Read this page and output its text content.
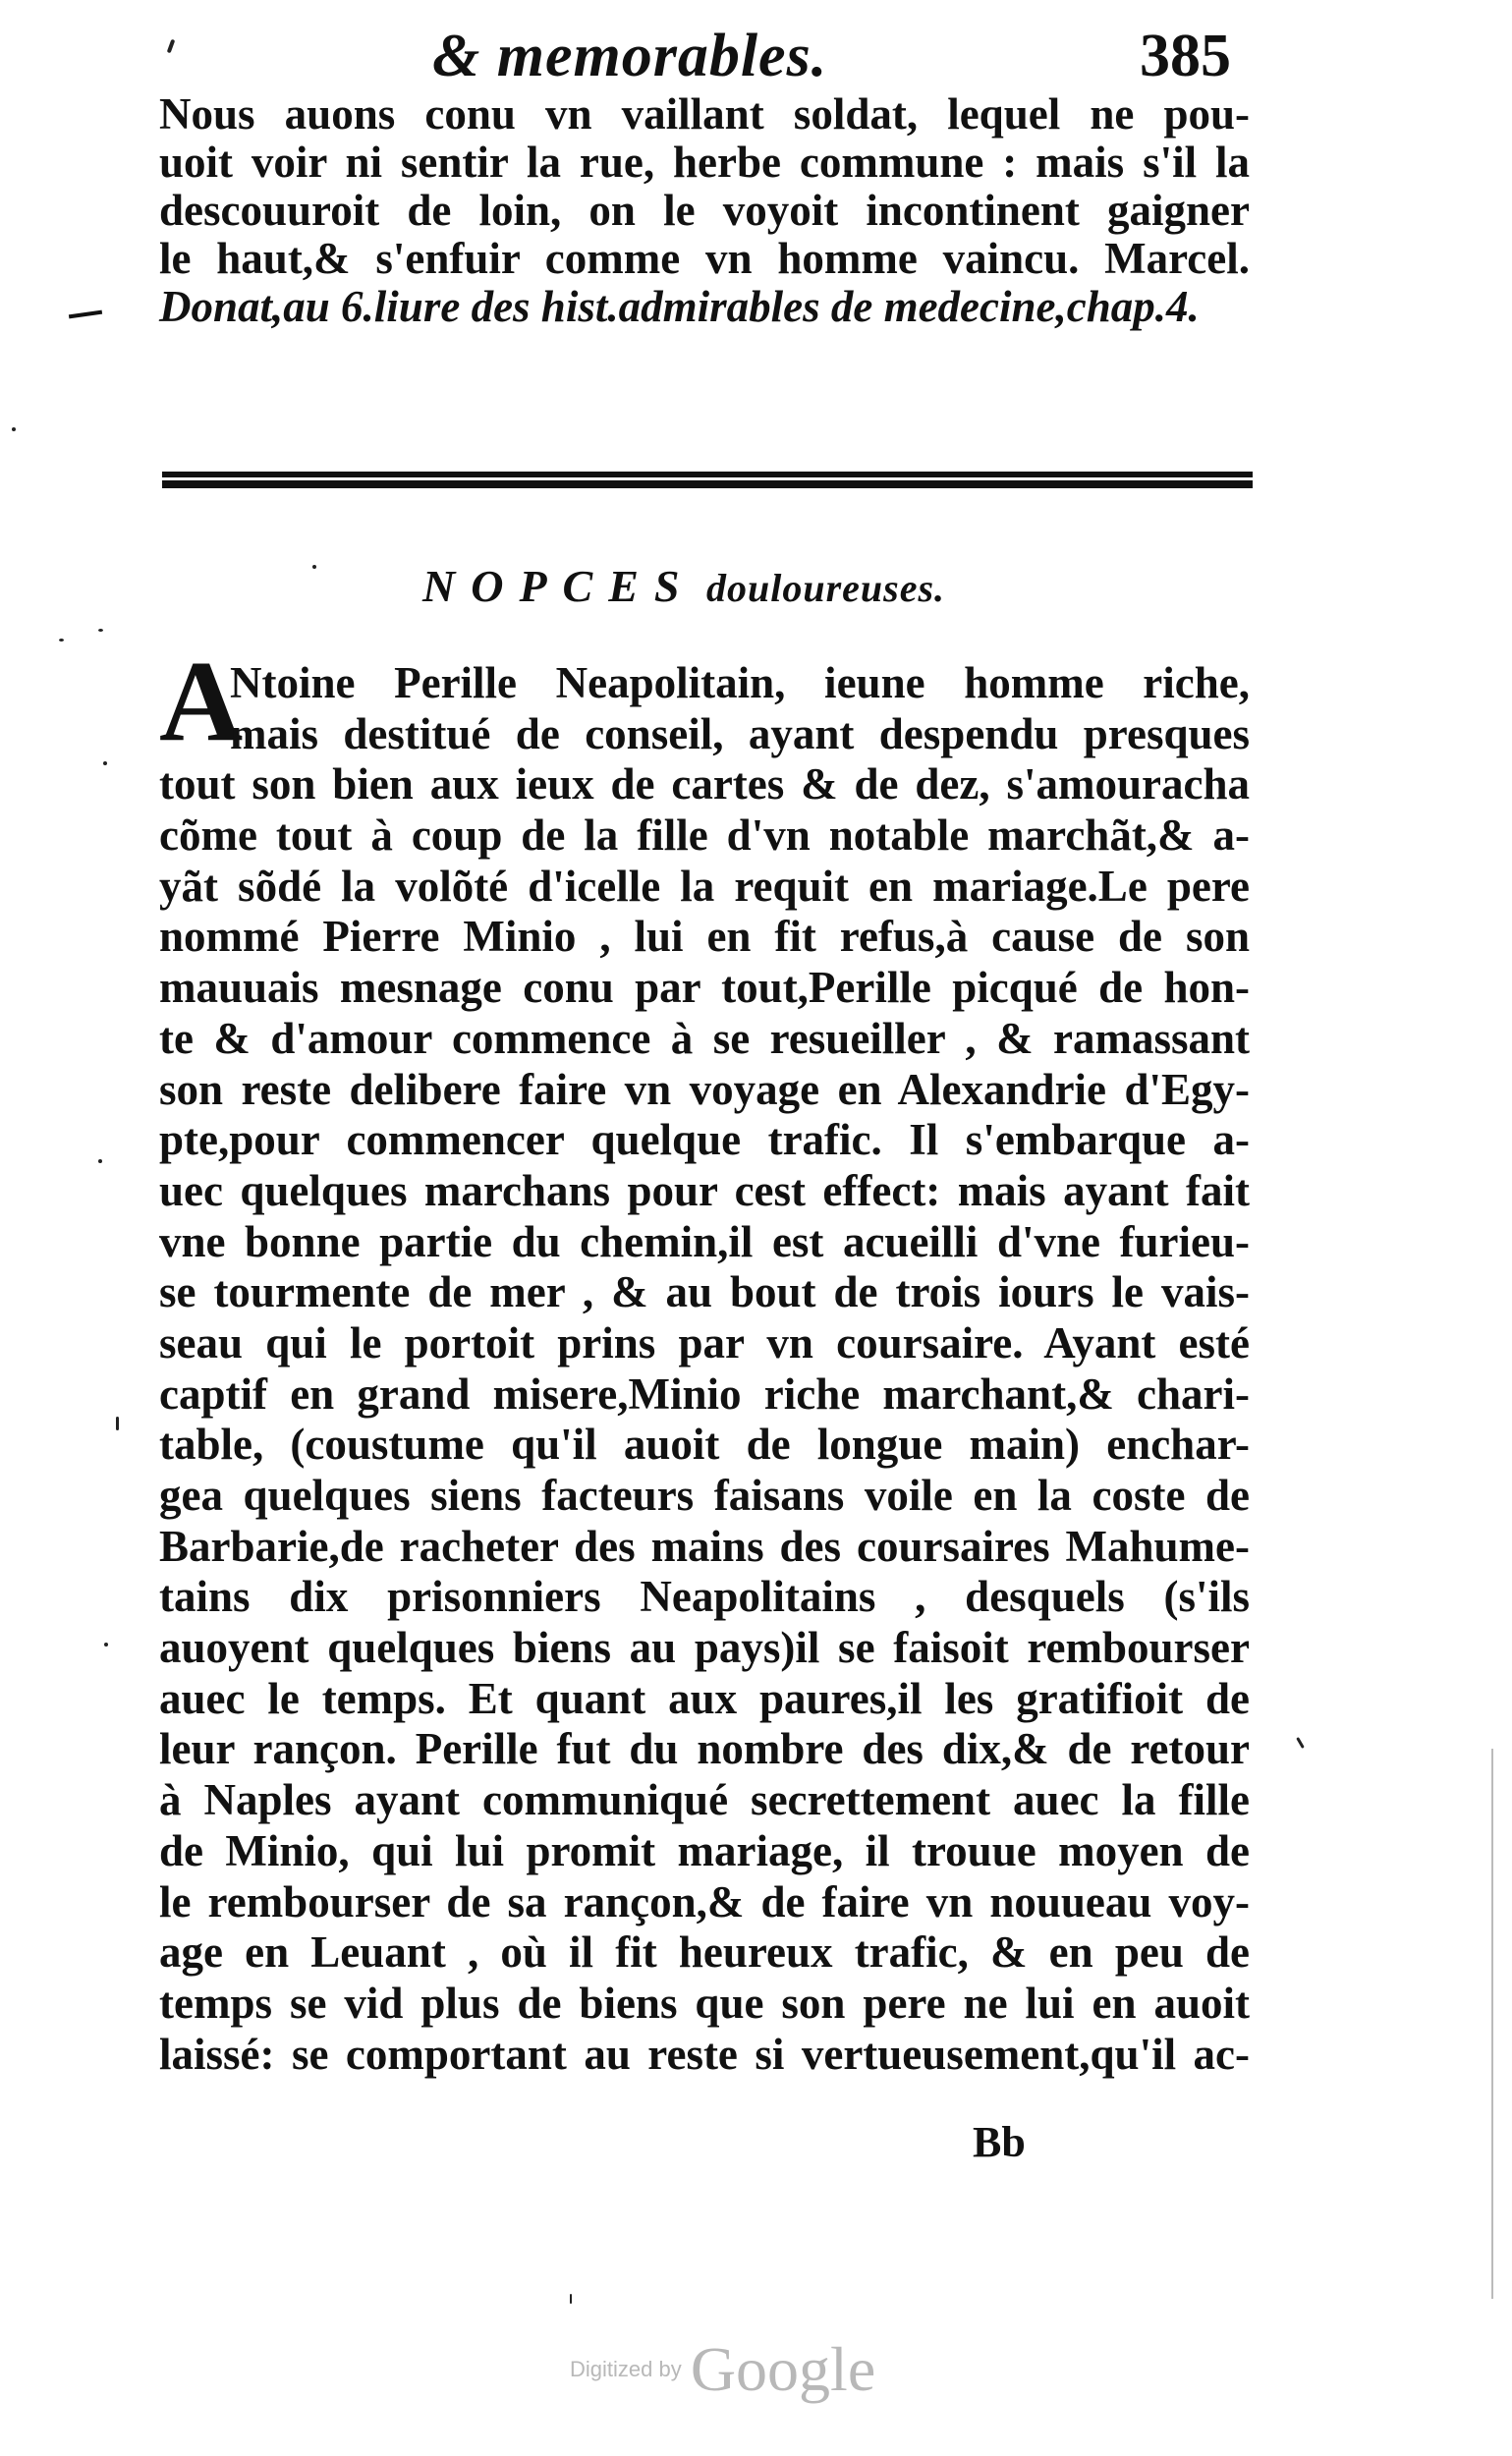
& memorables.	385
Nous auons conu vn vaillant soldat, lequel ne pou-
uoit voir ni sentir la rue, herbe commune : mais s'il la
descouuroit de loin, on le voyoit incontinent gaigner
le haut,& s'enfuir comme vn homme vaincu. Marcel.
Donat,au 6.liure des hist.admirables de medecine,chap.4.
NOPCES douloureuses.
A
Ntoine Perille Neapolitain, ieune homme riche,
mais destitué de conseil, ayant despendu presques
tout son bien aux ieux de cartes & de dez, s'amouracha
cõme tout à coup de la fille d'vn notable marchãt,& a-
yãt sõdé la volõté d'icelle la requit en mariage.Le pere
nommé Pierre Minio , lui en fit refus,à cause de son
mauuais mesnage conu par tout,Perille picqué de hon-
te & d'amour commence à se resueiller , & ramassant
son reste delibere faire vn voyage en Alexandrie d'Egy-
pte,pour commencer quelque trafic. Il s'embarque a-
uec quelques marchans pour cest effect: mais ayant fait
vne bonne partie du chemin,il est acueilli d'vne furieu-
se tourmente de mer , & au bout de trois iours le vais-
seau qui le portoit prins par vn coursaire. Ayant esté
captif en grand misere,Minio riche marchant,& chari-
table, (coustume qu'il auoit de longue main) enchar-
gea quelques siens facteurs faisans voile en la coste de
Barbarie,de racheter des mains des coursaires Mahume-
tains dix prisonniers Neapolitains , desquels (s'ils
auoyent quelques biens au pays)il se faisoit rembourser
auec le temps. Et quant aux paures,il les gratifioit de
leur rançon. Perille fut du nombre des dix,& de retour
à Naples ayant communiqué secrettement auec la fille
de Minio, qui lui promit mariage, il trouue moyen de
le rembourser de sa rançon,& de faire vn nouueau voy-
age en Leuant , où il fit heureux trafic, & en peu de
temps se vid plus de biens que son pere ne lui en auoit
laissé: se comportant au reste si vertueusement,qu'il ac-
Bb
Digitized by Google
